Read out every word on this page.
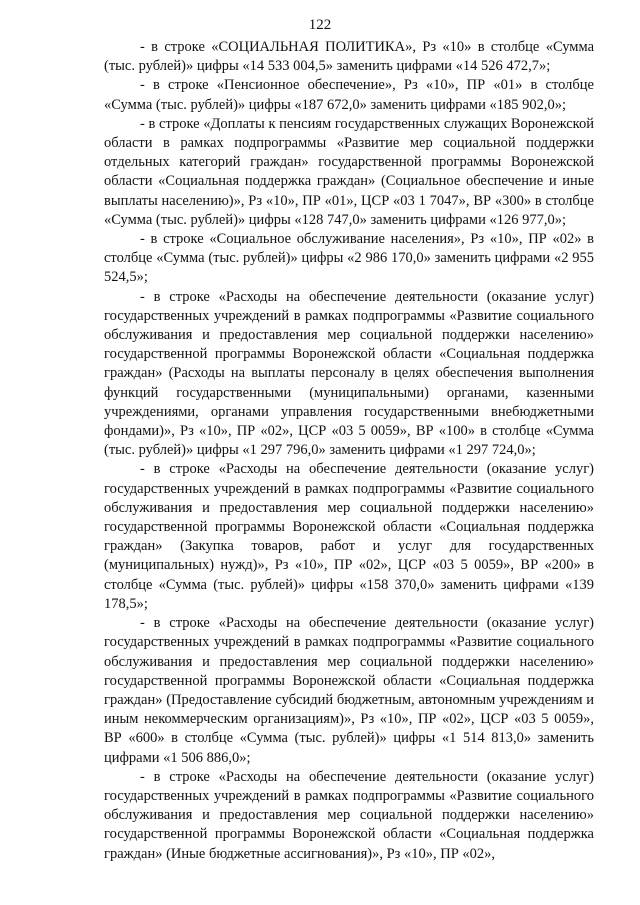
122

- в строке «СОЦИАЛЬНАЯ ПОЛИТИКА», Рз «10» в столбце «Сумма (тыс. рублей)» цифры «14 533 004,5» заменить цифрами «14 526 472,7»;

- в строке «Пенсионное обеспечение», Рз «10», ПР «01» в столбце «Сумма (тыс. рублей)» цифры «187 672,0» заменить цифрами «185 902,0»;

- в строке «Доплаты к пенсиям государственных служащих Воронежской области в рамках подпрограммы «Развитие мер социальной поддержки отдельных категорий граждан» государственной программы Воронежской области «Социальная поддержка граждан» (Социальное обеспечение и иные выплаты населению)», Рз «10», ПР «01», ЦСР «03 1 7047», ВР «300» в столбце «Сумма (тыс. рублей)» цифры «128 747,0» заменить цифрами «126 977,0»;

- в строке «Социальное обслуживание населения», Рз «10», ПР «02» в столбце «Сумма (тыс. рублей)» цифры «2 986 170,0» заменить цифрами «2 955 524,5»;

- в строке «Расходы на обеспечение деятельности (оказание услуг) государственных учреждений в рамках подпрограммы «Развитие социального обслуживания и предоставления мер социальной поддержки населению» государственной программы Воронежской области «Социальная поддержка граждан» (Расходы на выплаты персоналу в целях обеспечения выполнения функций государственными (муниципальными) органами, казенными учреждениями, органами управления государственными внебюджетными фондами)», Рз «10», ПР «02», ЦСР «03 5 0059», ВР «100» в столбце «Сумма (тыс. рублей)» цифры «1 297 796,0» заменить цифрами «1 297 724,0»;

- в строке «Расходы на обеспечение деятельности (оказание услуг) государственных учреждений в рамках подпрограммы «Развитие социального обслуживания и предоставления мер социальной поддержки населению» государственной программы Воронежской области «Социальная поддержка граждан» (Закупка товаров, работ и услуг для государственных (муниципальных) нужд)», Рз «10», ПР «02», ЦСР «03 5 0059», ВР «200» в столбце «Сумма (тыс. рублей)» цифры «158 370,0» заменить цифрами «139 178,5»;

- в строке «Расходы на обеспечение деятельности (оказание услуг) государственных учреждений в рамках подпрограммы «Развитие социального обслуживания и предоставления мер социальной поддержки населению» государственной программы Воронежской области «Социальная поддержка граждан» (Предоставление субсидий бюджетным, автономным учреждениям и иным некоммерческим организациям)», Рз «10», ПР «02», ЦСР «03 5 0059», ВР «600» в столбце «Сумма (тыс. рублей)» цифры «1 514 813,0» заменить цифрами «1 506 886,0»;

- в строке «Расходы на обеспечение деятельности (оказание услуг) государственных учреждений в рамках подпрограммы «Развитие социального обслуживания и предоставления мер социальной поддержки населению» государственной программы Воронежской области «Социальная поддержка граждан» (Иные бюджетные ассигнования)», Рз «10», ПР «02»,
